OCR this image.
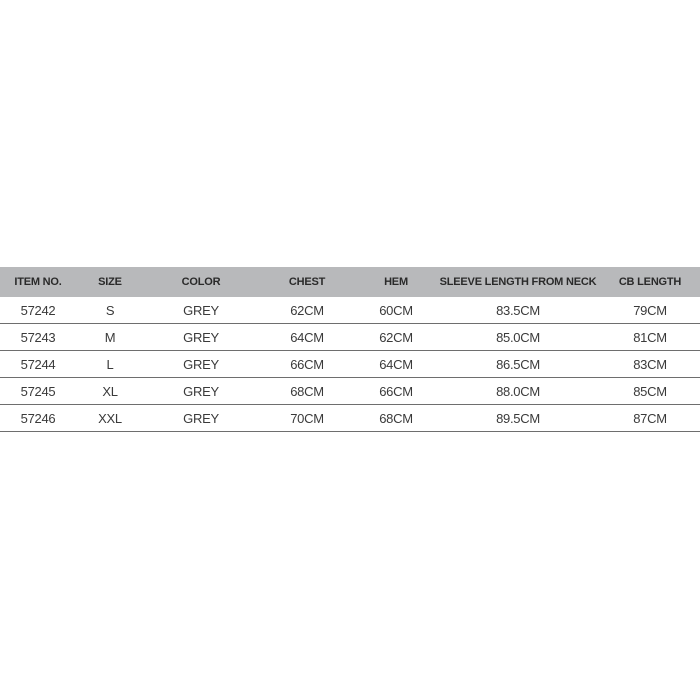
ITEM NO.	SIZE	COLOR	CHEST	HEM	SLEEVE LENGTH FROM NECK	CB LENGTH
57242	S	GREY	62CM	60CM	83.5CM	79CM
57243	M	GREY	64CM	62CM	85.0CM	81CM
57244	L	GREY	66CM	64CM	86.5CM	83CM
57245	XL	GREY	68CM	66CM	88.0CM	85CM
57246	XXL	GREY	70CM	68CM	89.5CM	87CM
